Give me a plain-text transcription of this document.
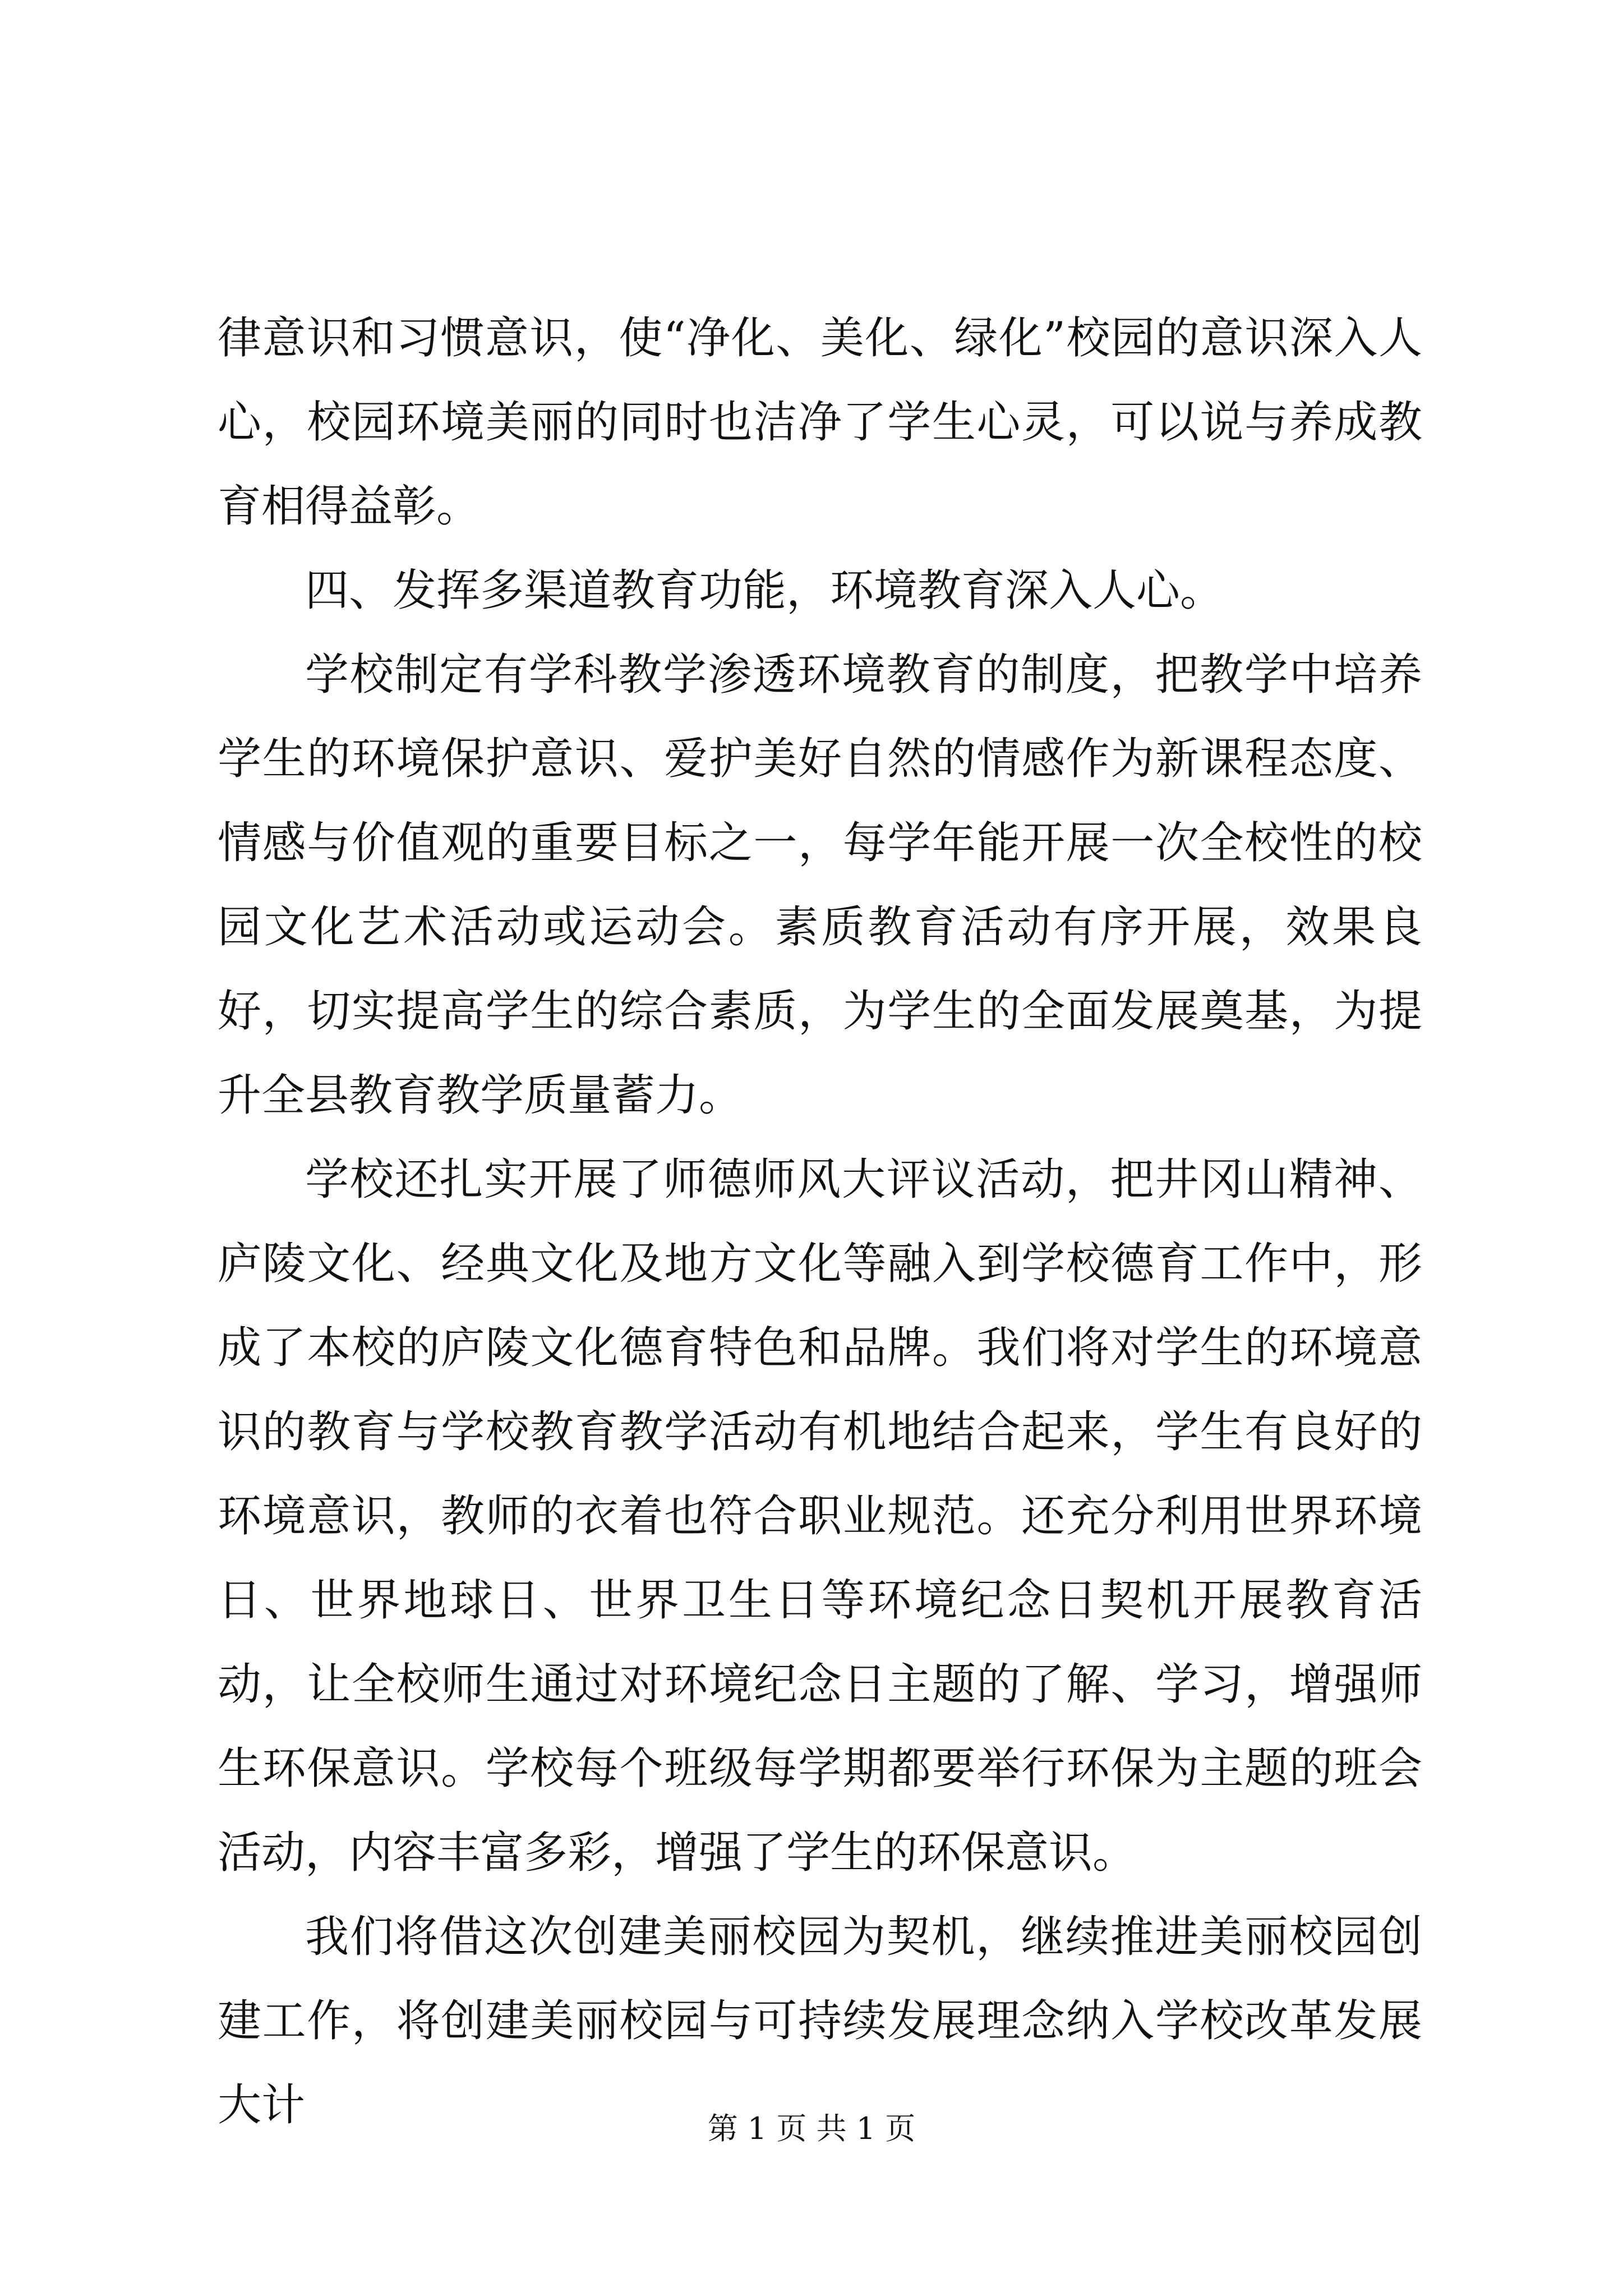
律意识和习惯意识，使“净化、美化、绿化”校园的意识深入人心，校园环境美丽的同时也洁净了学生心灵，可以说与养成教育相得益彰。

四、发挥多渠道教育功能，环境教育深入人心。

学校制定有学科教学渗透环境教育的制度，把教学中培养学生的环境保护意识、爱护美好自然的情感作为新课程态度、情感与价值观的重要目标之一，每学年能开展一次全校性的校园文化艺术活动或运动会。素质教育活动有序开展，效果良好，切实提高学生的综合素质，为学生的全面发展奠基，为提升全县教育教学质量蓄力。

学校还扎实开展了师德师风大评议活动，把井冈山精神、庐陵文化、经典文化及地方文化等融入到学校德育工作中，形成了本校的庐陵文化德育特色和品牌。我们将对学生的环境意识的教育与学校教育教学活动有机地结合起来，学生有良好的环境意识，教师的衣着也符合职业规范。还充分利用世界环境日、世界地球日、世界卫生日等环境纪念日契机开展教育活动，让全校师生通过对环境纪念日主题的了解、学习，增强师生环保意识。学校每个班级每学期都要举行环保为主题的班会活动，内容丰富多彩，增强了学生的环保意识。

我们将借这次创建美丽校园为契机，继续推进美丽校园创建工作，将创建美丽校园与可持续发展理念纳入学校改革发展大计	第 1 页 共 1 页
